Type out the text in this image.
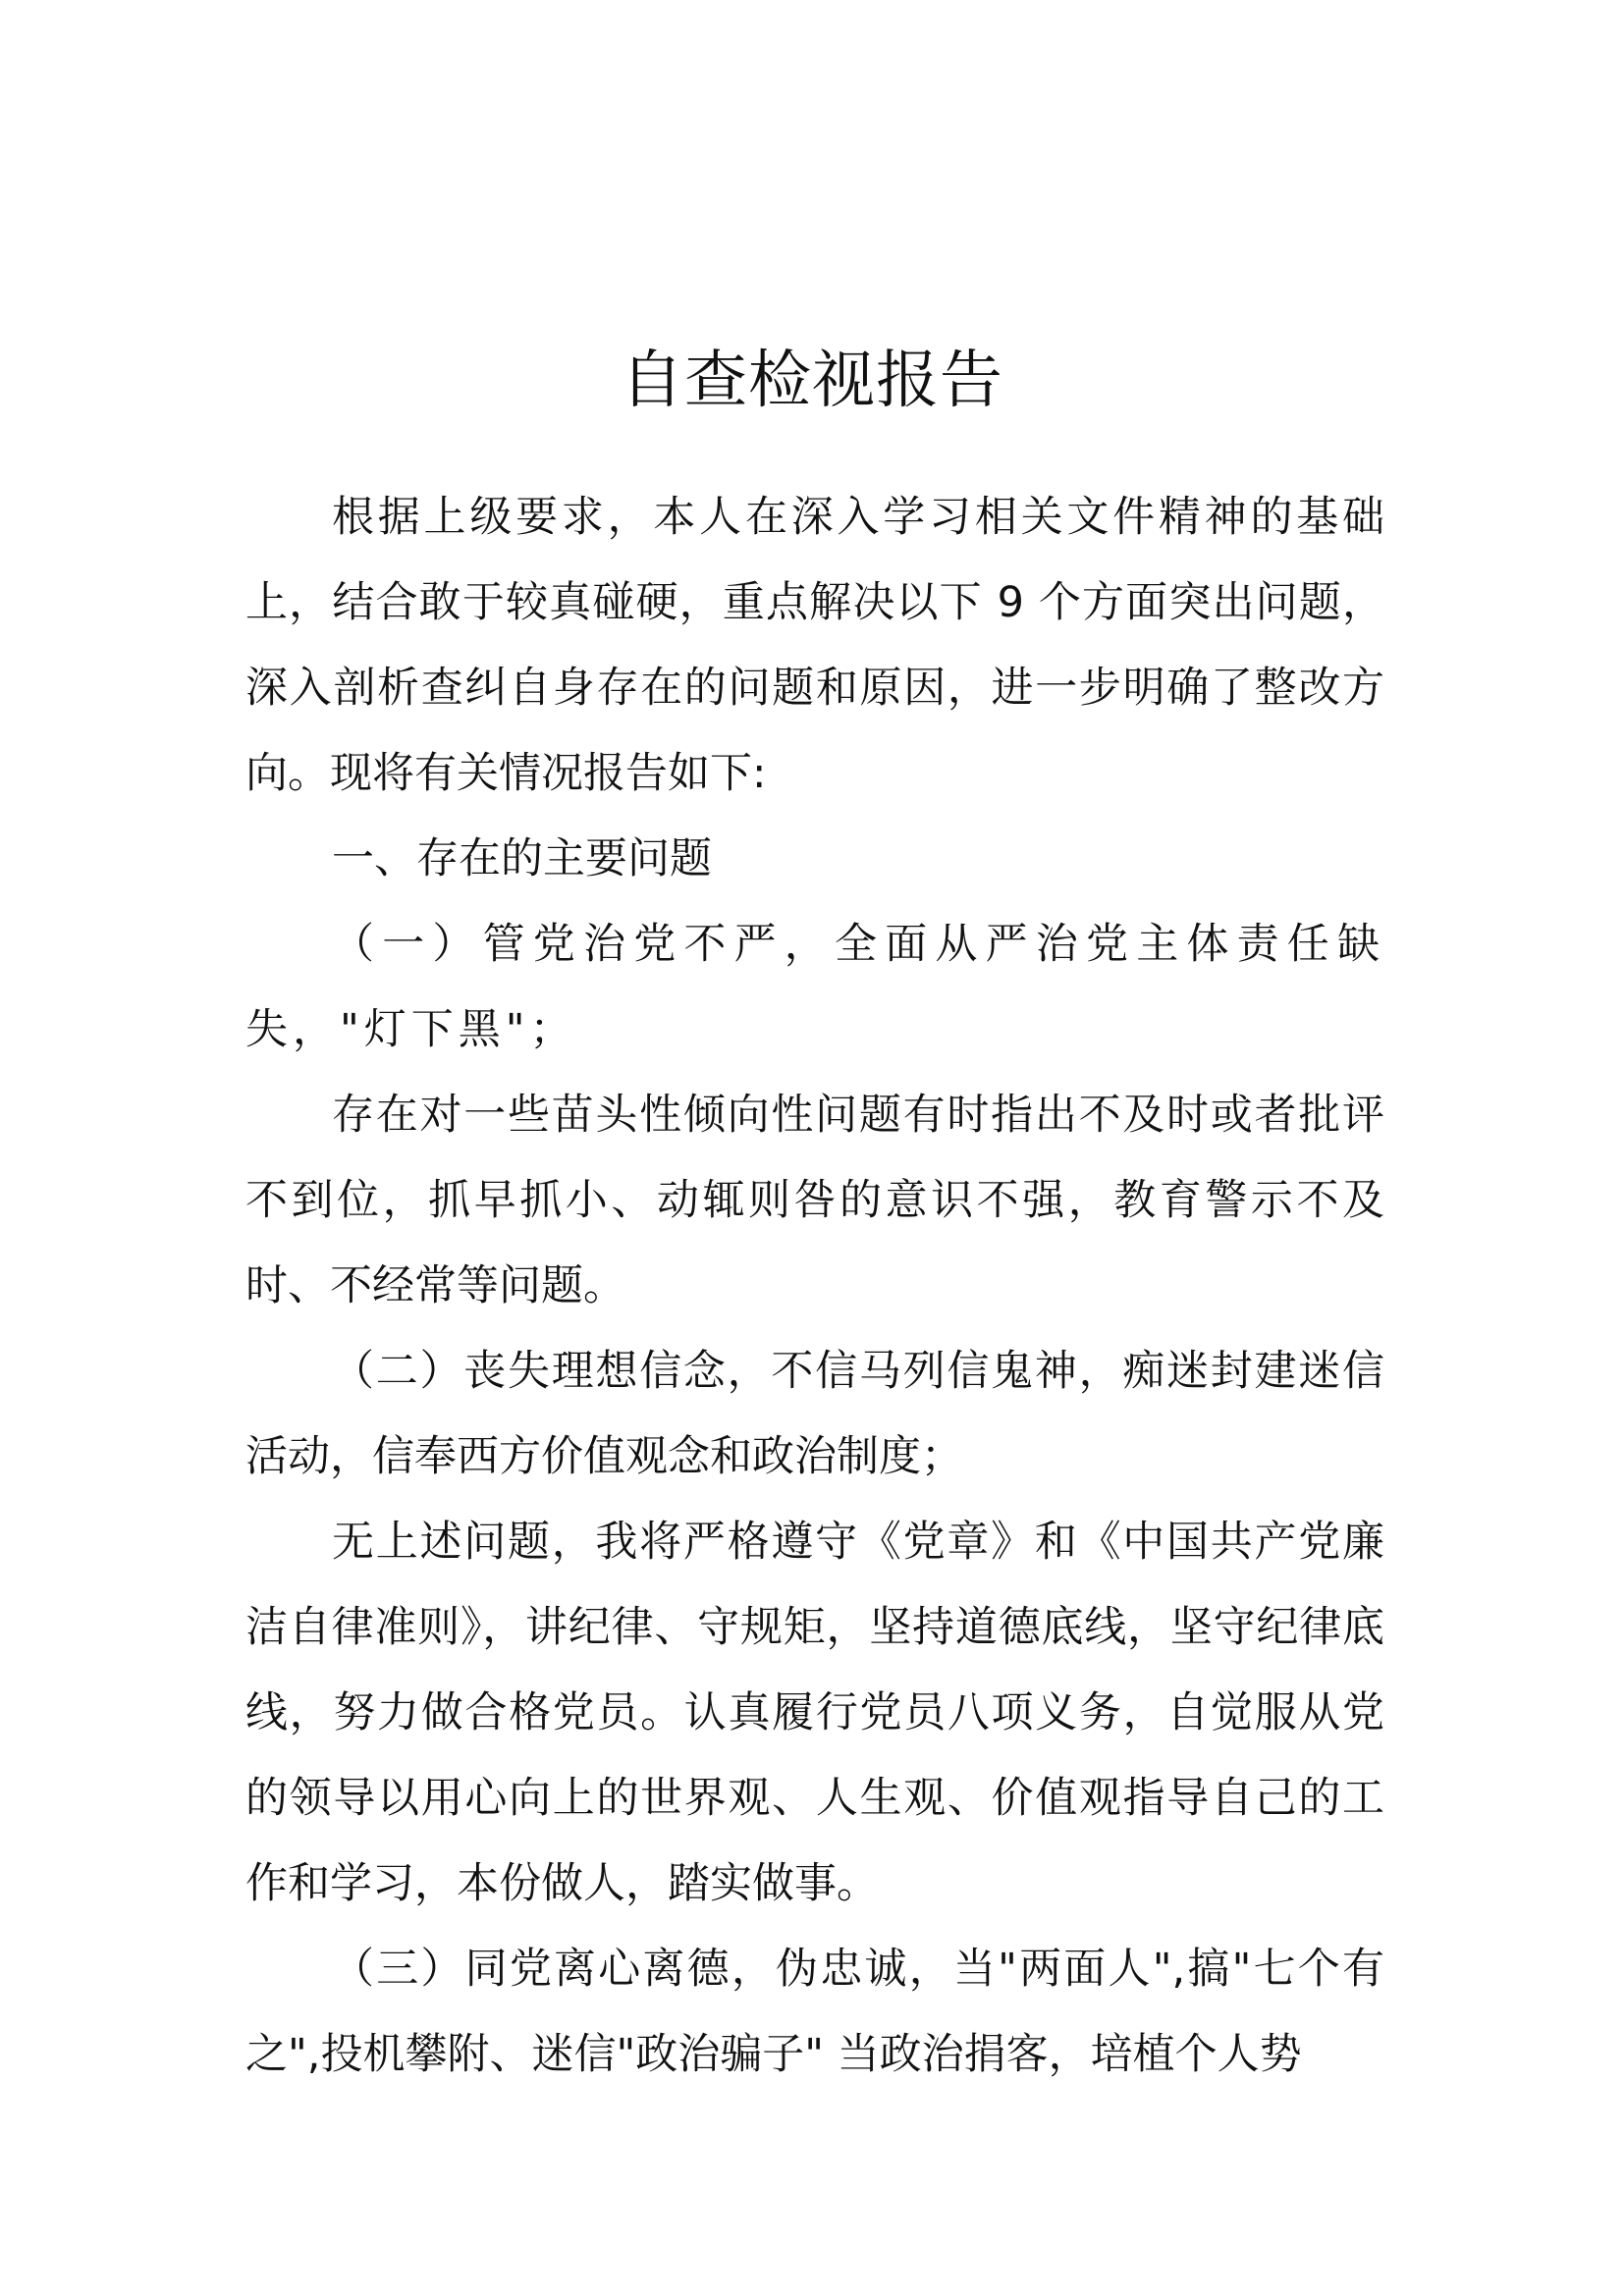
自查检视报告

根据上级要求，本人在深入学习相关文件精神的基础上，结合敢于较真碰硬，重点解决以下 9 个方面突出问题，深入剖析查纠自身存在的问题和原因，进一步明确了整改方向。现将有关情况报告如下:

一、存在的主要问题

（一）管党治党不严，全面从严治党主体责任缺失，"灯下黑"；

存在对一些苗头性倾向性问题有时指出不及时或者批评不到位，抓早抓小、动辄则咎的意识不强，教育警示不及时、不经常等问题。

（二）丧失理想信念，不信马列信鬼神，痴迷封建迷信活动，信奉西方价值观念和政治制度；

无上述问题，我将严格遵守《党章》和《中国共产党廉洁自律准则》，讲纪律、守规矩，坚持道德底线，坚守纪律底线，努力做合格党员。认真履行党员八项义务，自觉服从党的领导以用心向上的世界观、人生观、价值观指导自己的工作和学习，本份做人，踏实做事。

（三）同党离心离德，伪忠诚，当"两面人",搞"七个有之",投机攀附、迷信"政治骗子" 当政治捐客，培植个人势
